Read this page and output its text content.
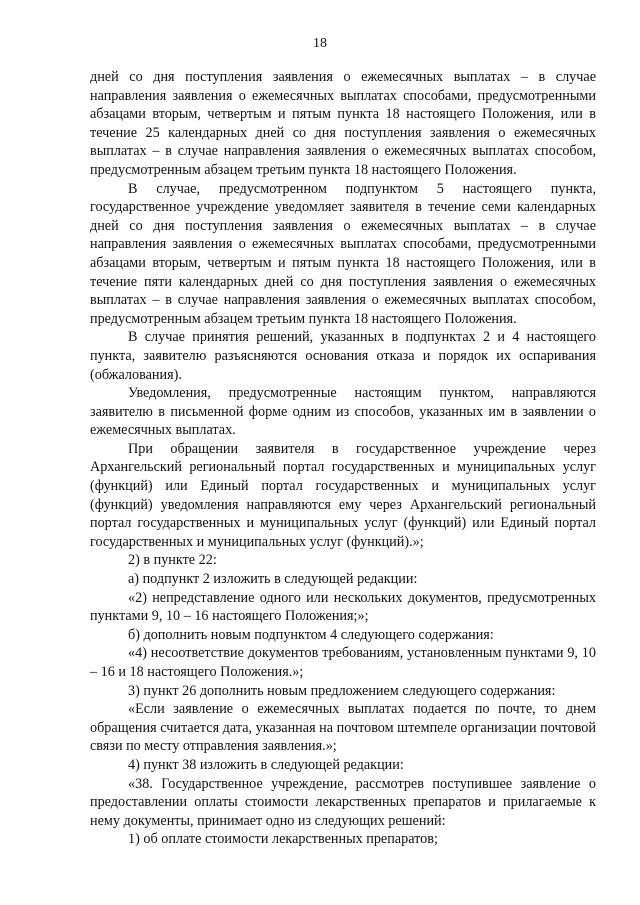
18

дней со дня поступления заявления о ежемесячных выплатах – в случае направления заявления о ежемесячных выплатах способами, предусмотренными абзацами вторым, четвертым и пятым пункта 18 настоящего Положения, или в течение 25 календарных дней со дня поступления заявления о ежемесячных выплатах – в случае направления заявления о ежемесячных выплатах способом, предусмотренным абзацем третьим пункта 18 настоящего Положения.

В случае, предусмотренном подпунктом 5 настоящего пункта, государственное учреждение уведомляет заявителя в течение семи календарных дней со дня поступления заявления о ежемесячных выплатах – в случае направления заявления о ежемесячных выплатах способами, предусмотренными абзацами вторым, четвертым и пятым пункта 18 настоящего Положения, или в течение пяти календарных дней со дня поступления заявления о ежемесячных выплатах – в случае направления заявления о ежемесячных выплатах способом, предусмотренным абзацем третьим пункта 18 настоящего Положения.

В случае принятия решений, указанных в подпунктах 2 и 4 настоящего пункта, заявителю разъясняются основания отказа и порядок их оспаривания (обжалования).

Уведомления, предусмотренные настоящим пунктом, направляются заявителю в письменной форме одним из способов, указанных им в заявлении о ежемесячных выплатах.

При обращении заявителя в государственное учреждение через Архангельский региональный портал государственных и муниципальных услуг (функций) или Единый портал государственных и муниципальных услуг (функций) уведомления направляются ему через Архангельский региональный портал государственных и муниципальных услуг (функций) или Единый портал государственных и муниципальных услуг (функций).»;

2) в пункте 22:

а) подпункт 2 изложить в следующей редакции:

«2) непредставление одного или нескольких документов, предусмотренных пунктами 9, 10 – 16 настоящего Положения;»;

б) дополнить новым подпунктом 4 следующего содержания:

«4) несоответствие документов требованиям, установленным пунктами 9, 10 – 16 и 18 настоящего Положения.»;

3) пункт 26 дополнить новым предложением следующего содержания:

«Если заявление о ежемесячных выплатах подается по почте, то днем обращения считается дата, указанная на почтовом штемпеле организации почтовой связи по месту отправления заявления.»;

4) пункт 38 изложить в следующей редакции:

«38. Государственное учреждение, рассмотрев поступившее заявление о предоставлении оплаты стоимости лекарственных препаратов и прилагаемые к нему документы, принимает одно из следующих решений:

1) об оплате стоимости лекарственных препаратов;
